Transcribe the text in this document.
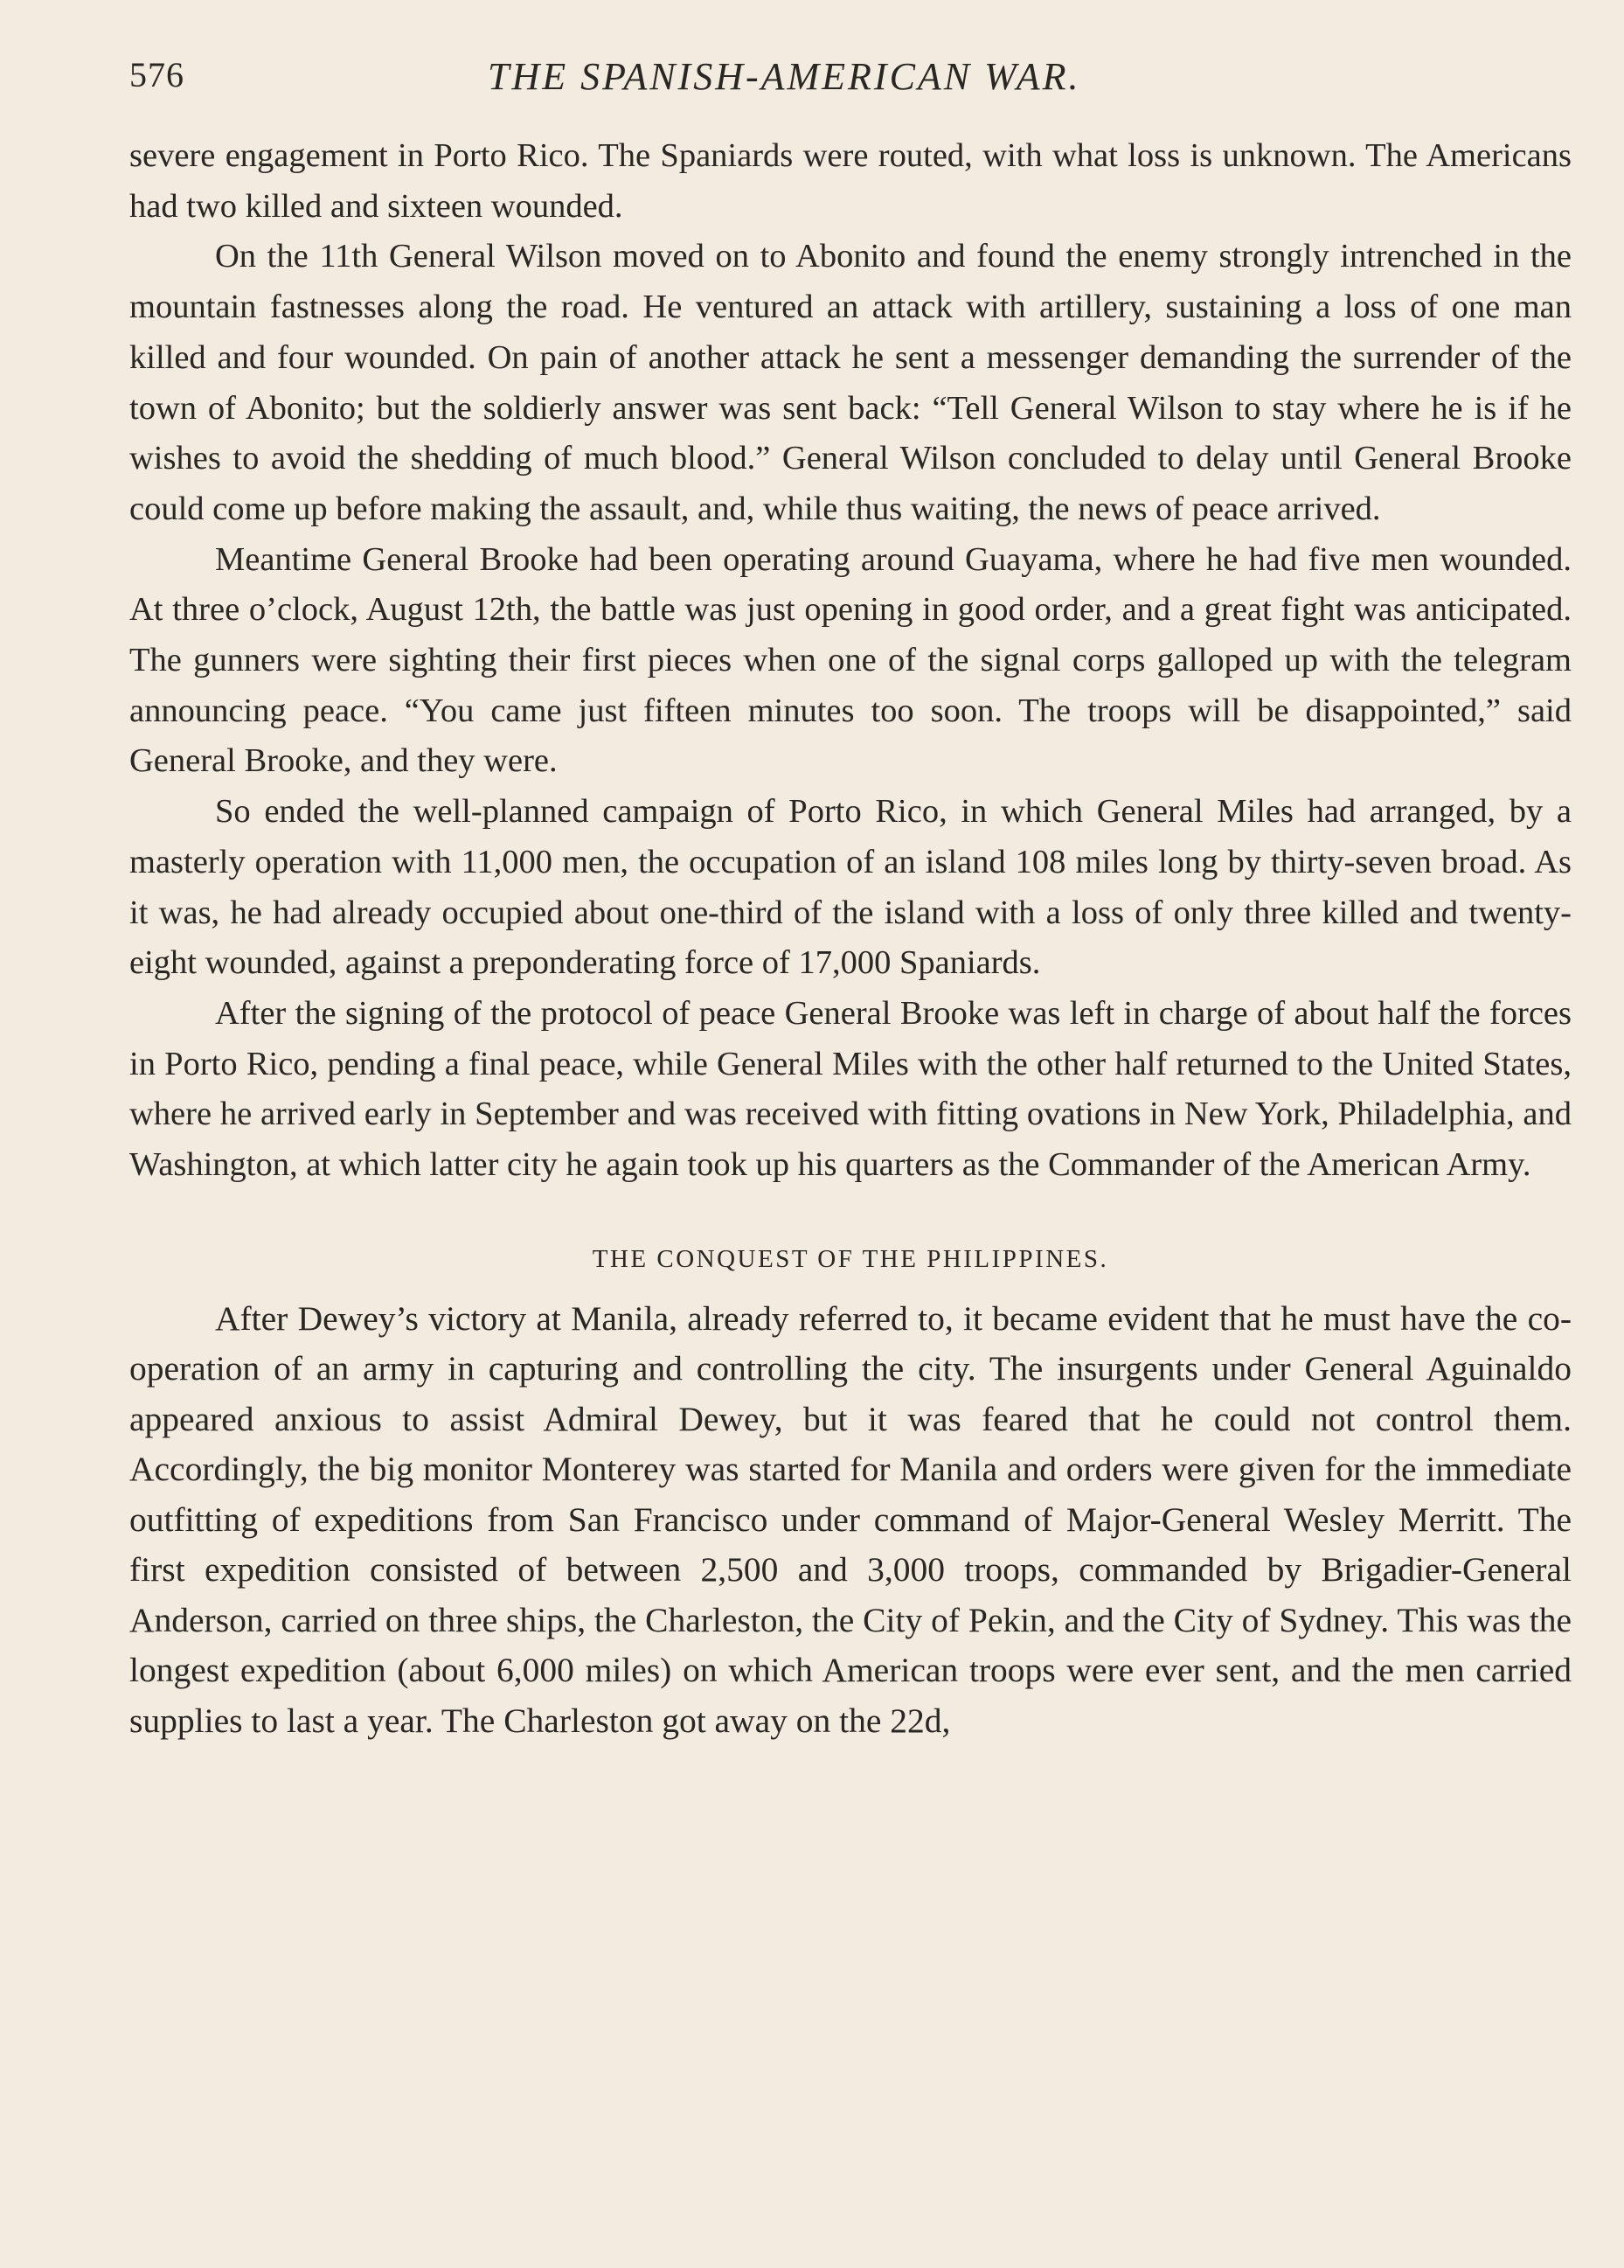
576	THE SPANISH-AMERICAN WAR.

severe engagement in Porto Rico. The Spaniards were routed, with what loss is unknown. The Americans had two killed and sixteen wounded.

On the 11th General Wilson moved on to Abonito and found the enemy strongly intrenched in the mountain fastnesses along the road. He ventured an attack with artillery, sustaining a loss of one man killed and four wounded. On pain of another attack he sent a messenger demanding the surrender of the town of Abonito; but the soldierly answer was sent back: “Tell General Wilson to stay where he is if he wishes to avoid the shedding of much blood.” General Wilson concluded to delay until General Brooke could come up before making the assault, and, while thus waiting, the news of peace arrived.

Meantime General Brooke had been operating around Guayama, where he had five men wounded. At three o’clock, August 12th, the battle was just opening in good order, and a great fight was anticipated. The gunners were sighting their first pieces when one of the signal corps galloped up with the telegram announcing peace. “You came just fifteen minutes too soon. The troops will be disappointed,” said General Brooke, and they were.

So ended the well-planned campaign of Porto Rico, in which General Miles had arranged, by a masterly operation with 11,000 men, the occupation of an island 108 miles long by thirty-seven broad. As it was, he had already occupied about one-third of the island with a loss of only three killed and twenty-eight wounded, against a preponderating force of 17,000 Spaniards.

After the signing of the protocol of peace General Brooke was left in charge of about half the forces in Porto Rico, pending a final peace, while General Miles with the other half returned to the United States, where he arrived early in September and was received with fitting ovations in New York, Philadelphia, and Washington, at which latter city he again took up his quarters as the Commander of the American Army.

THE CONQUEST OF THE PHILIPPINES.

After Dewey’s victory at Manila, already referred to, it became evident that he must have the co-operation of an army in capturing and controlling the city. The insurgents under General Aguinaldo appeared anxious to assist Admiral Dewey, but it was feared that he could not control them. Accordingly, the big monitor Monterey was started for Manila and orders were given for the immediate outfitting of expeditions from San Francisco under command of Major-General Wesley Merritt. The first expedition consisted of between 2,500 and 3,000 troops, commanded by Brigadier-General Anderson, carried on three ships, the Charleston, the City of Pekin, and the City of Sydney. This was the longest expedition (about 6,000 miles) on which American troops were ever sent, and the men carried supplies to last a year. The Charleston got away on the 22d,
